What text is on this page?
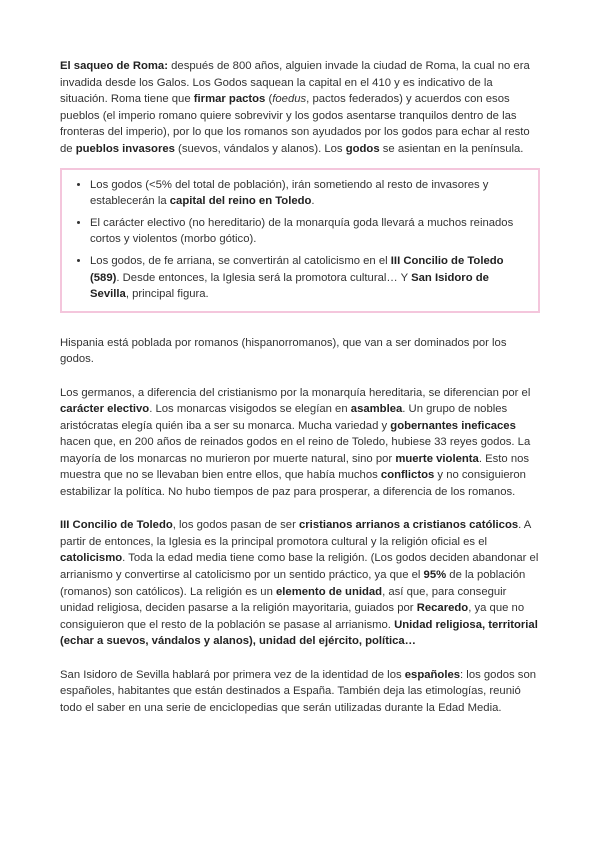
El saqueo de Roma: después de 800 años, alguien invade la ciudad de Roma, la cual no era invadida desde los Galos. Los Godos saquean la capital en el 410 y es indicativo de la situación. Roma tiene que firmar pactos (foedus, pactos federados) y acuerdos con esos pueblos (el imperio romano quiere sobrevivir y los godos asentarse tranquilos dentro de las fronteras del imperio), por lo que los romanos son ayudados por los godos para echar al resto de pueblos invasores (suevos, vándalos y alanos). Los godos se asientan en la península.

• Los godos (<5% del total de población), irán sometiendo al resto de invasores y establecerán la capital del reino en Toledo.
• El carácter electivo (no hereditario) de la monarquía goda llevará a muchos reinados cortos y violentos (morbo gótico).
• Los godos, de fe arriana, se convertirán al catolicismo en el III Concilio de Toledo (589). Desde entonces, la Iglesia será la promotora cultural… Y San Isidoro de Sevilla, principal figura.

Hispania está poblada por romanos (hispanorromanos), que van a ser dominados por los godos.

Los germanos, a diferencia del cristianismo por la monarquía hereditaria, se diferencian por el carácter electivo. Los monarcas visigodos se elegían en asamblea. Un grupo de nobles aristócratas elegía quién iba a ser su monarca. Mucha variedad y gobernantes ineficaces hacen que, en 200 años de reinados godos en el reino de Toledo, hubiese 33 reyes godos. La mayoría de los monarcas no murieron por muerte natural, sino por muerte violenta. Esto nos muestra que no se llevaban bien entre ellos, que había muchos conflictos y no consiguieron estabilizar la política. No hubo tiempos de paz para prosperar, a diferencia de los romanos.

III Concilio de Toledo, los godos pasan de ser cristianos arrianos a cristianos católicos. A partir de entonces, la Iglesia es la principal promotora cultural y la religión oficial es el catolicismo. Toda la edad media tiene como base la religión. (Los godos deciden abandonar el arrianismo y convertirse al catolicismo por un sentido práctico, ya que el 95% de la población (romanos) son católicos). La religión es un elemento de unidad, así que, para conseguir unidad religiosa, deciden pasarse a la religión mayoritaria, guiados por Recaredo, ya que no consiguieron que el resto de la población se pasase al arrianismo. Unidad religiosa, territorial (echar a suevos, vándalos y alanos), unidad del ejército, política…

San Isidoro de Sevilla hablará por primera vez de la identidad de los españoles: los godos son españoles, habitantes que están destinados a España. También deja las etimologías, reunió todo el saber en una serie de enciclopedias que serán utilizadas durante la Edad Media.
